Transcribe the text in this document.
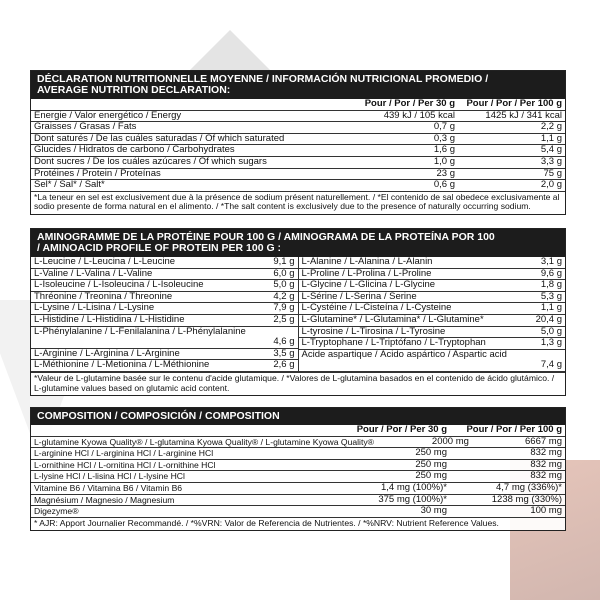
DÉCLARATION NUTRITIONNELLE MOYENNE / INFORMACIÓN NUTRICIONAL PROMEDIO /
AVERAGE NUTRITION DECLARATION:
Pour / Por / Per 30 g	Pour / Por / Per 100 g
Energie / Valor energético / Energy	439 kJ / 105 kcal	1425 kJ / 341 kcal
Graisses / Grasas / Fats	0,7 g	2,2 g
Dont saturés / De las cuáles saturadas / Of which saturated	0,3 g	1,1 g
Glucides / Hidratos de carbono / Carbohydrates	1,6 g	5,4 g
Dont sucres / De los cuáles azúcares / Of which sugars	1,0 g	3,3 g
Protéines / Protein / Proteínas	23 g	75 g
Sel* / Sal* / Salt*	0,6 g	2,0 g
*La teneur en sel est exclusivement due à la présence de sodium présent naturellement. / *El contenido de sal obedece exclusivamente al sodio presente de forma natural en el alimento. / *The salt content is exclusively due to the presence of naturally occurring sodium.
AMINOGRAMME DE LA PROTÉINE POUR 100 G / AMINOGRAMA DE LA PROTEÍNA POR 100
/ AMINOACID PROFILE OF PROTEIN PER 100 G :
L-Leucine / L-Leucina / L-Leucine	9,1 g
L-Valine / L-Valina / L-Valine	6,0 g
L-Isoleucine / L-Isoleucina / L-Isoleucine	5,0 g
Thréonine / Treonina / Threonine	4,2 g
L-Lysine / L-Lisina / L-Lysine	7,9 g
L-Histidine / L-Histidina / L-Histidine	2,5 g
L-Phénylalanine / L-Fenilalanina / L-Phénylalanine
4,6 g
L-Arginine / L-Arginina / L-Arginine	3,5 g
L-Méthionine / L-Metionina / L-Méthionine	2,6 g
L-Alanine / L-Alanina / L-Alanin	3,1 g
L-Proline / L-Prolina / L-Proline	9,6 g
L-Glycine / L-Glicina / L-Glycine	1,8 g
L-Sérine / L-Serina / Serine	5,3 g
L-Cystéine / L-Cisteína / L-Cysteine	1,1 g
L-Glutamine* / L-Glutamina* / L-Glutamine*	20,4 g
L-tyrosine / L-Tirosina / L-Tyrosine	5,0 g
L-Tryptophane / L-Triptófano / L-Tryptophan	1,3 g
Acide aspartique / Ácido aspártico / Aspartic acid
7,4 g
*Valeur de L-glutamine basée sur le contenu d'acide glutamique. / *Valores de L-glutamina basados en el contenido de ácido glutámico. / L-glutamine values based on glutamic acid content.
COMPOSITION / COMPOSICIÓN / COMPOSITION
Pour / Por / Per 30 g	Pour / Por / Per 100 g
L-glutamine Kyowa Quality® / L-glutamina Kyowa Quality® / L-glutamine Kyowa Quality®	2000 mg	6667 mg
L-arginine HCl / L-arginina HCl / L-arginine HCl	250 mg	832 mg
L-ornithine HCl / L-ornitina HCl / L-ornithine HCl	250 mg	832 mg
L-lysine HCl / L-lisina HCl / L-lysine HCl	250 mg	832 mg
Vitamine B6 / Vitamina B6 / Vitamin B6	1,4 mg (100%)*	4,7 mg (336%)*
Magnésium / Magnesio / Magnesium	375 mg (100%)*	1238 mg (330%)
Digezyme®	30 mg	100 mg
* AJR: Apport Journalier Recommandé. / *%VRN: Valor de Referencia de Nutrientes. / *%NRV: Nutrient Reference Values.
